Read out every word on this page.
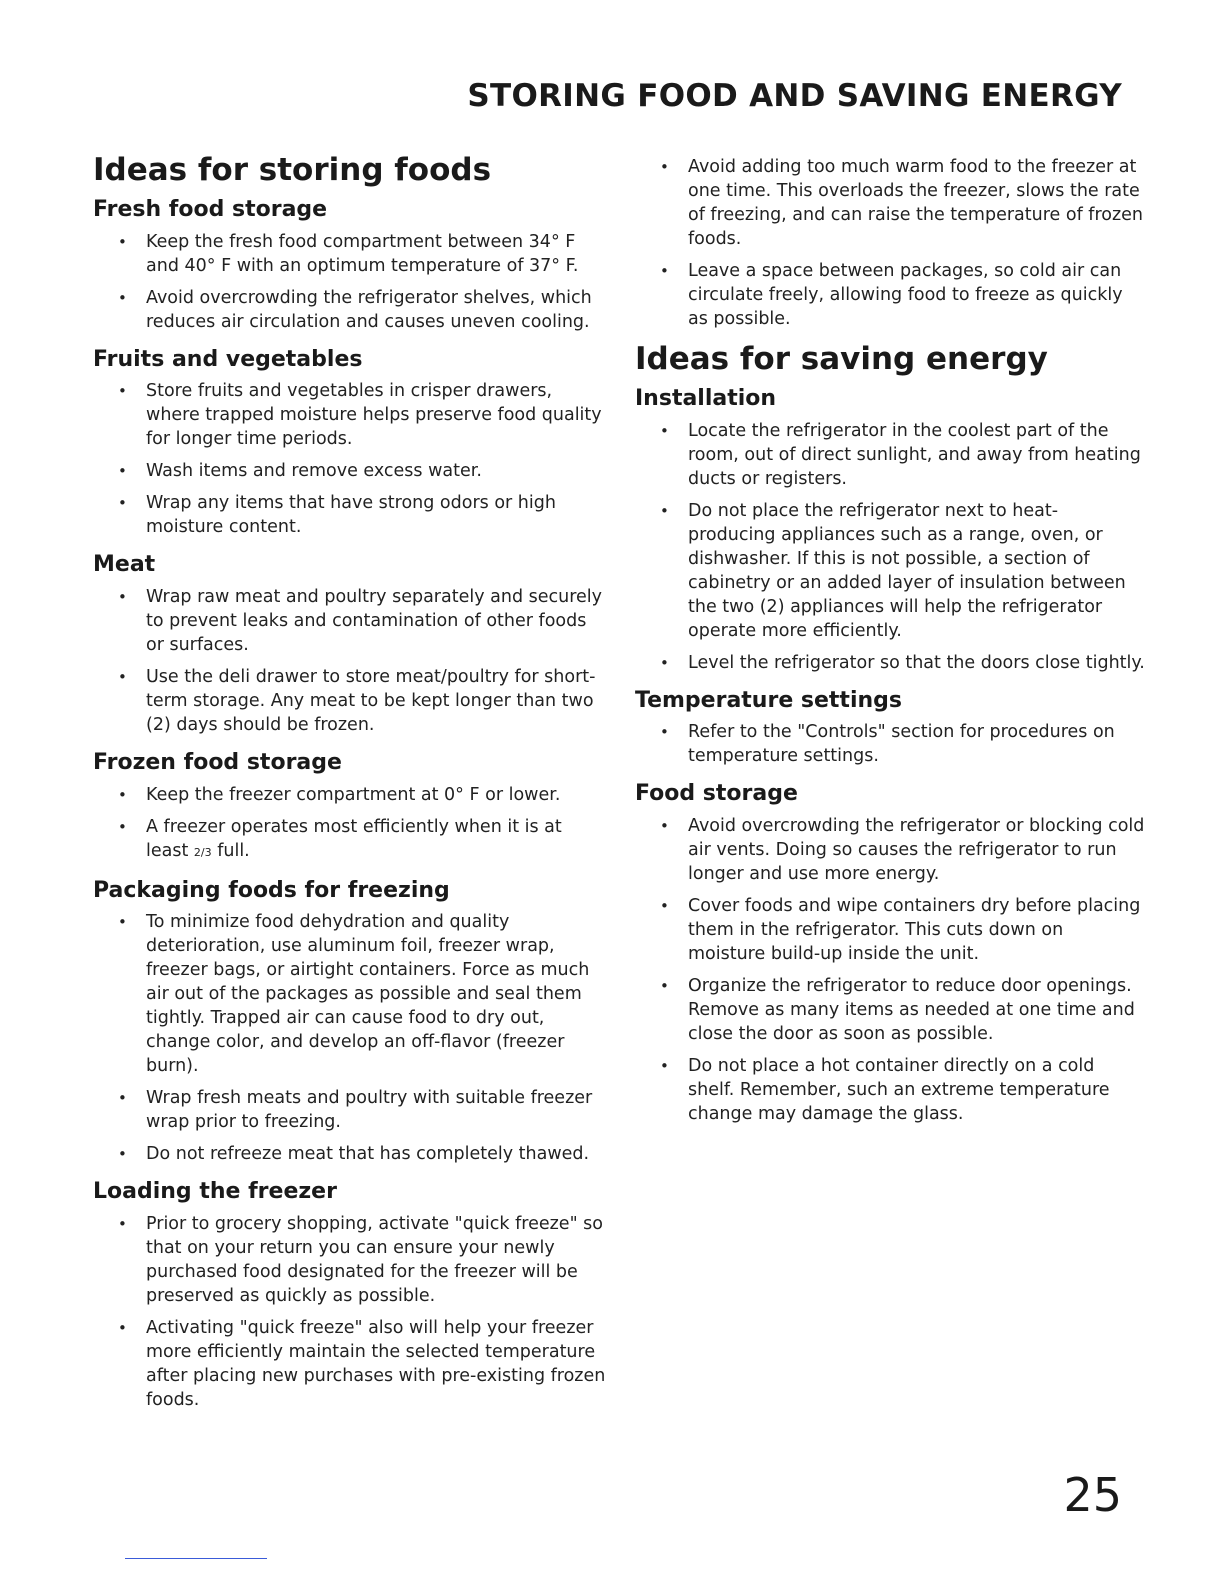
STORING FOOD AND SAVING ENERGY
Ideas for storing foods
Fresh food storage
• Keep the fresh food compartment between 34° F and 40° F with an optimum temperature of 37° F.
• Avoid overcrowding the refrigerator shelves, which reduces air circulation and causes uneven cooling.
Fruits and vegetables
• Store fruits and vegetables in crisper drawers, where trapped moisture helps preserve food quality for longer time periods.
• Wash items and remove excess water.
• Wrap any items that have strong odors or high moisture content.
Meat
• Wrap raw meat and poultry separately and securely to prevent leaks and contamination of other foods or surfaces.
• Use the deli drawer to store meat/poultry for short-term storage. Any meat to be kept longer than two (2) days should be frozen.
Frozen food storage
• Keep the freezer compartment at 0° F or lower.
• A freezer operates most efficiently when it is at least 2/3 full.
Packaging foods for freezing
• To minimize food dehydration and quality deterioration, use aluminum foil, freezer wrap, freezer bags, or airtight containers. Force as much air out of the packages as possible and seal them tightly. Trapped air can cause food to dry out, change color, and develop an off-flavor (freezer burn).
• Wrap fresh meats and poultry with suitable freezer wrap prior to freezing.
• Do not refreeze meat that has completely thawed.
Loading the freezer
• Prior to grocery shopping, activate "quick freeze" so that on your return you can ensure your newly purchased food designated for the freezer will be preserved as quickly as possible.
• Activating "quick freeze" also will help your freezer more efficiently maintain the selected temperature after placing new purchases with pre-existing frozen foods.
• Avoid adding too much warm food to the freezer at one time. This overloads the freezer, slows the rate of freezing, and can raise the temperature of frozen foods.
• Leave a space between packages, so cold air can circulate freely, allowing food to freeze as quickly as possible.
Ideas for saving energy
Installation
• Locate the refrigerator in the coolest part of the room, out of direct sunlight, and away from heating ducts or registers.
• Do not place the refrigerator next to heat-producing appliances such as a range, oven, or dishwasher. If this is not possible, a section of cabinetry or an added layer of insulation between the two (2) appliances will help the refrigerator operate more efficiently.
• Level the refrigerator so that the doors close tightly.
Temperature settings
• Refer to the "Controls" section for procedures on temperature settings.
Food storage
• Avoid overcrowding the refrigerator or blocking cold air vents. Doing so causes the refrigerator to run longer and use more energy.
• Cover foods and wipe containers dry before placing them in the refrigerator. This cuts down on moisture build-up inside the unit.
• Organize the refrigerator to reduce door openings. Remove as many items as needed at one time and close the door as soon as possible.
• Do not place a hot container directly on a cold shelf. Remember, such an extreme temperature change may damage the glass.

25
